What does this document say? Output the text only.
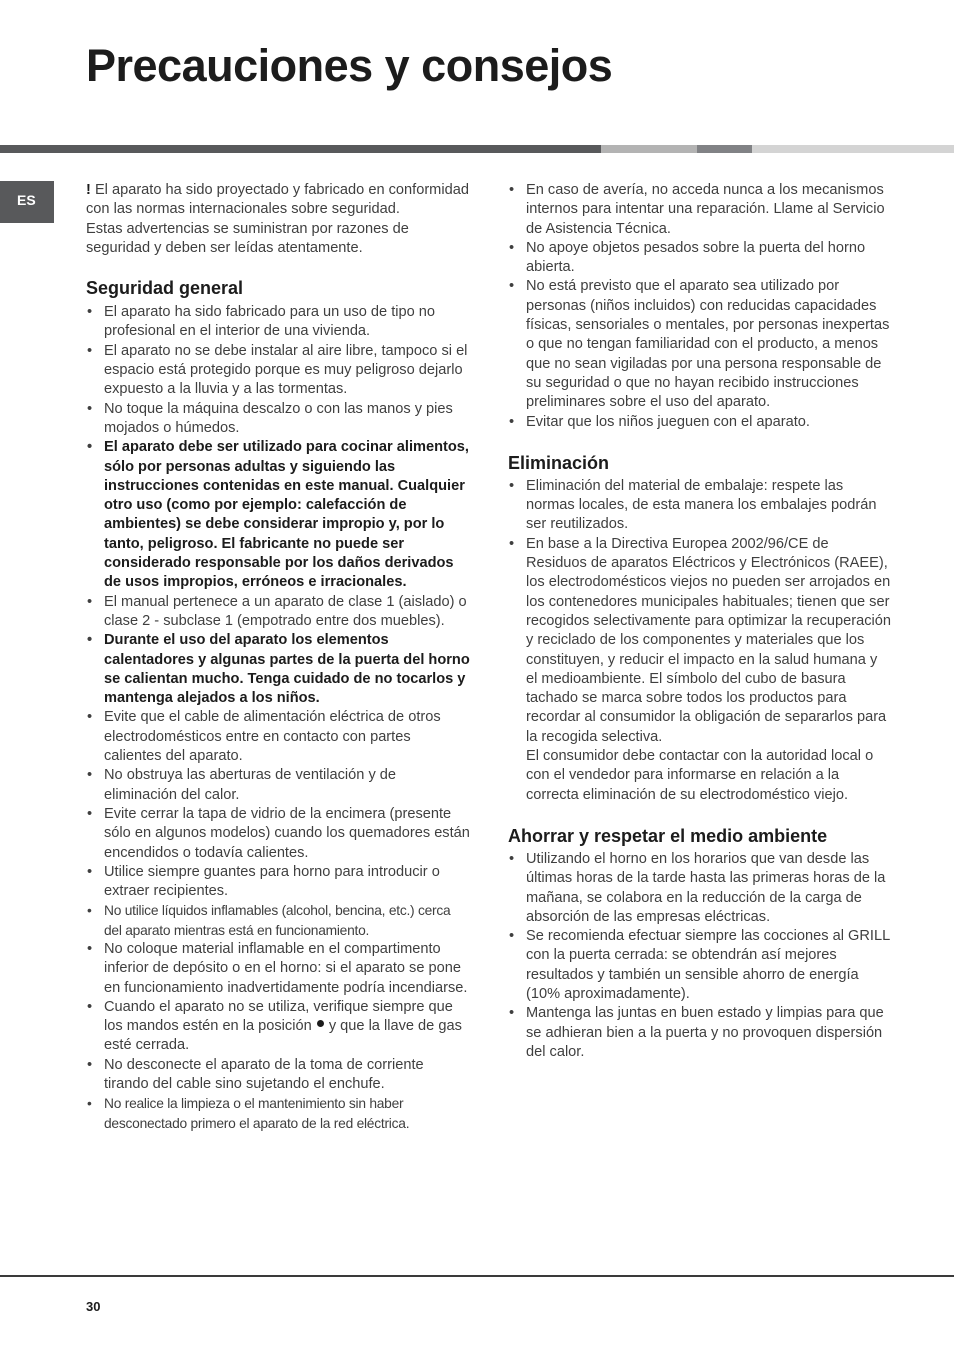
Precauciones y consejos
ES

! El aparato ha sido proyectado y fabricado en conformidad con las normas internacionales sobre seguridad.

Estas advertencias se suministran por razones de seguridad y deben ser leídas atentamente.

Seguridad general
• El aparato ha sido fabricado para un uso de tipo no profesional en el interior de una vivienda.
• El aparato no se debe instalar al aire libre, tampoco si el espacio está protegido porque es muy peligroso dejarlo expuesto a la lluvia y a las tormentas.
• No toque la máquina descalzo o con las manos y pies mojados o húmedos.
• El aparato debe ser utilizado para cocinar alimentos, sólo por personas adultas y siguiendo las instrucciones contenidas en este manual. Cualquier otro uso (como por ejemplo: calefacción de ambientes) se debe considerar impropio y, por lo tanto, peligroso. El fabricante no puede ser considerado responsable por los daños derivados de usos impropios, erróneos e irracionales.
• El manual pertenece a un aparato de clase 1 (aislado) o clase 2 - subclase 1 (empotrado entre dos muebles).
• Durante el uso del aparato los elementos calentadores y algunas partes de la puerta del horno se calientan mucho. Tenga cuidado de no tocarlos y mantenga alejados a los niños.
• Evite que el cable de alimentación eléctrica de otros electrodomésticos entre en contacto con partes calientes del aparato.
• No obstruya las aberturas de ventilación y de eliminación del calor.
• Evite cerrar la tapa de vidrio de la encimera (presente sólo en algunos modelos) cuando los quemadores están encendidos o todavía calientes.
• Utilice siempre guantes para horno para introducir o extraer recipientes.
• No utilice líquidos inflamables (alcohol, bencina, etc.) cerca del aparato mientras está en funcionamiento.
• No coloque material inflamable en el compartimento inferior de depósito o en el horno: si el aparato se pone en funcionamiento inadvertidamente podría incendiarse.
• Cuando el aparato no se utiliza, verifique siempre que los mandos estén en la posición y que la llave de gas esté cerrada.
• No desconecte el aparato de la toma de corriente tirando del cable sino sujetando el enchufe.
• No realice la limpieza o el mantenimiento sin haber desconectado primero el aparato de la red eléctrica.
• En caso de avería, no acceda nunca a los mecanismos internos para intentar una reparación. Llame al Servicio de Asistencia Técnica.
• No apoye objetos pesados sobre la puerta del horno abierta.
• No está previsto que el aparato sea utilizado por personas (niños incluidos) con reducidas capacidades físicas, sensoriales o mentales, por personas inexpertas o que no tengan familiaridad con el producto, a menos que no sean vigiladas por una persona responsable de su seguridad o que no hayan recibido instrucciones preliminares sobre el uso del aparato.
• Evitar que los niños jueguen con el aparato.
Eliminación
• Eliminación del material de embalaje: respete las normas locales, de esta manera los embalajes podrán ser reutilizados.
• En base a la Directiva Europea 2002/96/CE de Residuos de aparatos Eléctricos y Electrónicos (RAEE), los electrodomésticos viejos no pueden ser arrojados en los contenedores municipales habituales; tienen que ser recogidos selectivamente para optimizar la recuperación y reciclado de los componentes y materiales que los constituyen, y reducir el impacto en la salud humana y el medioambiente. El símbolo del cubo de basura tachado se marca sobre todos los productos para recordar al consumidor la obligación de separarlos para la recogida selectiva.

El consumidor debe contactar con la autoridad local o con el vendedor para informarse en relación a la correcta eliminación de su electrodoméstico viejo.

Ahorrar y respetar el medio ambiente
• Utilizando el horno en los horarios que van desde las últimas horas de la tarde hasta las primeras horas de la mañana, se colabora en la reducción de la carga de absorción de las empresas eléctricas.
• Se recomienda efectuar siempre las cocciones al GRILL con la puerta cerrada: se obtendrán así mejores resultados y también un sensible ahorro de energía (10% aproximadamente).
• Mantenga las juntas en buen estado y limpias para que se adhieran bien a la puerta y no provoquen dispersión del calor.
30
